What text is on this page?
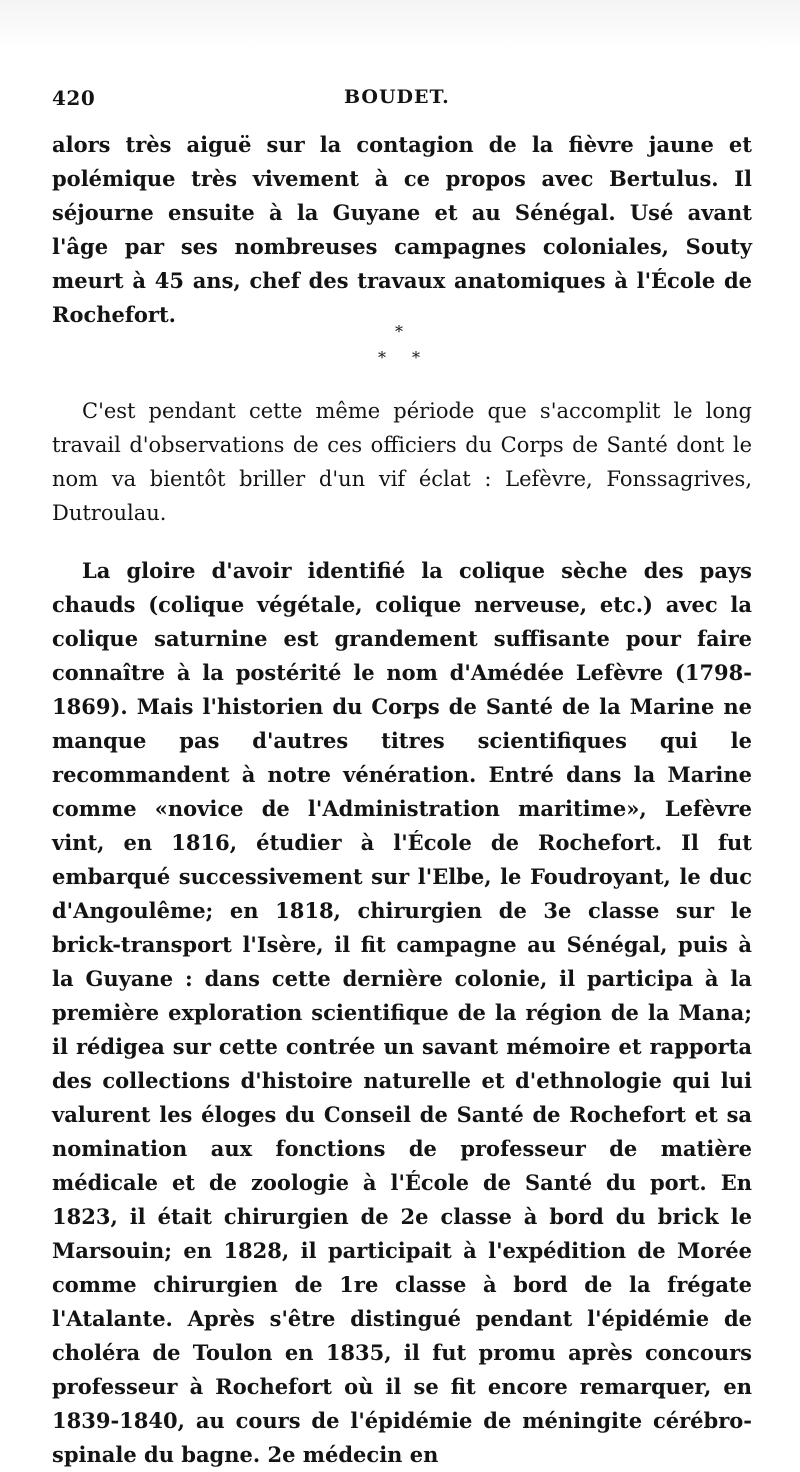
420	BOUDET.

alors très aiguë sur la contagion de la fièvre jaune et polémique très vivement à ce propos avec Bertulus. Il séjourne ensuite à la Guyane et au Sénégal. Usé avant l'âge par ses nombreuses campagnes coloniales, Souty meurt à 45 ans, chef des travaux anatomiques à l'École de Rochefort.

*
* *

C'est pendant cette même période que s'accomplit le long travail d'observations de ces officiers du Corps de Santé dont le nom va bientôt briller d'un vif éclat : Lefèvre, Fonssagrives, Dutroulau.

La gloire d'avoir identifié la colique sèche des pays chauds (colique végétale, colique nerveuse, etc.) avec la colique saturnine est grandement suffisante pour faire connaître à la postérité le nom d'Amédée Lefèvre (1798-1869). Mais l'historien du Corps de Santé de la Marine ne manque pas d'autres titres scientifiques qui le recommandent à notre vénération. Entré dans la Marine comme «novice de l'Administration maritime», Lefèvre vint, en 1816, étudier à l'École de Rochefort. Il fut embarqué successivement sur l'Elbe, le Foudroyant, le duc d'Angoulême; en 1818, chirurgien de 3e classe sur le brick-transport l'Isère, il fit campagne au Sénégal, puis à la Guyane : dans cette dernière colonie, il participa à la première exploration scientifique de la région de la Mana; il rédigea sur cette contrée un savant mémoire et rapporta des collections d'histoire naturelle et d'ethnologie qui lui valurent les éloges du Conseil de Santé de Rochefort et sa nomination aux fonctions de professeur de matière médicale et de zoologie à l'École de Santé du port. En 1823, il était chirurgien de 2e classe à bord du brick le Marsouin; en 1828, il participait à l'expédition de Morée comme chirurgien de 1re classe à bord de la frégate l'Atalante. Après s'être distingué pendant l'épidémie de choléra de Toulon en 1835, il fut promu après concours professeur à Rochefort où il se fit encore remarquer, en 1839-1840, au cours de l'épidémie de méningite cérébro-spinale du bagne. 2e médecin en
